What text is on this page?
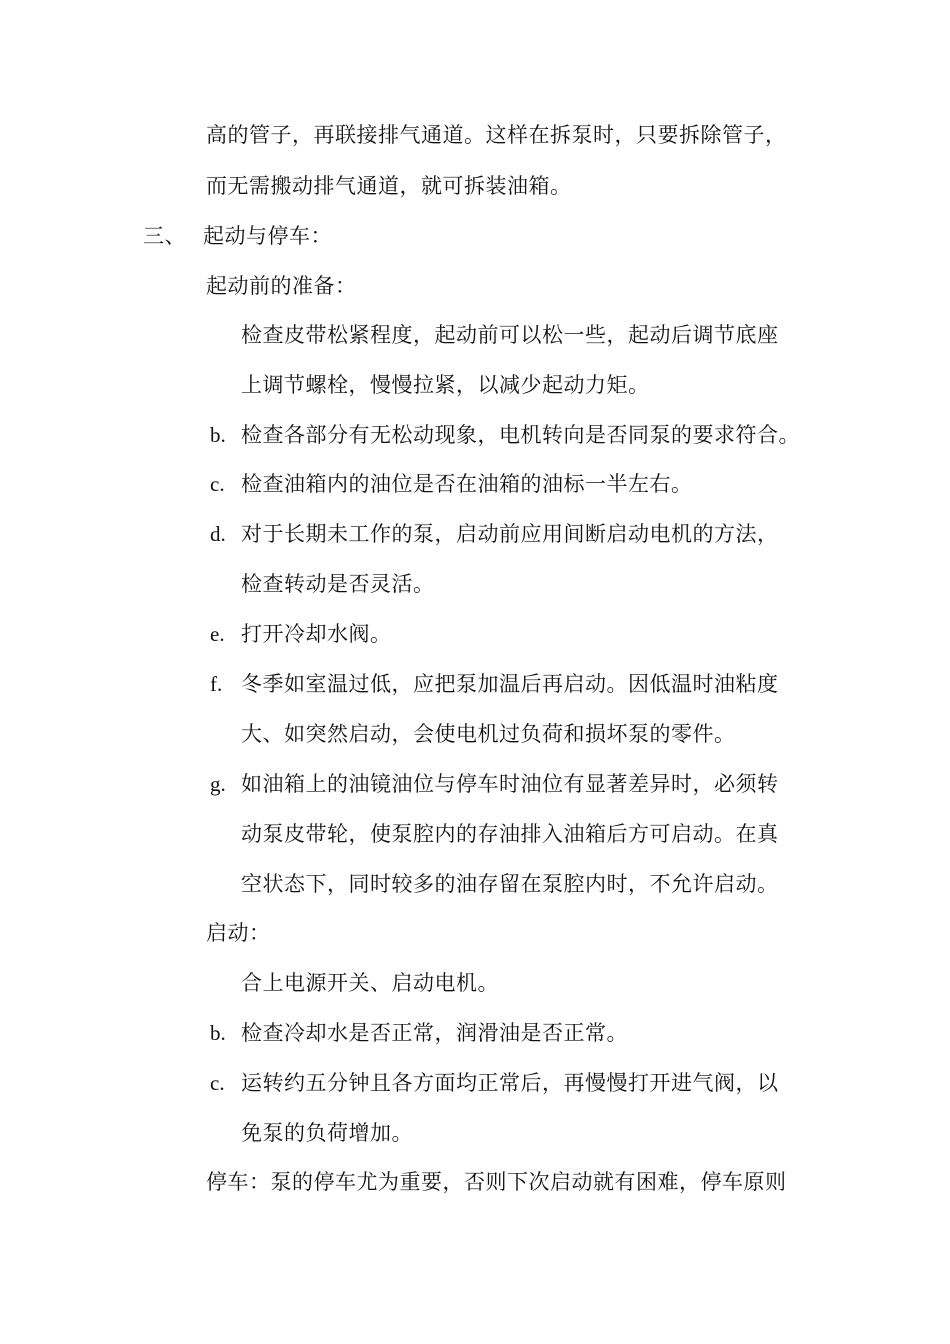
高的管子，再联接排气通道。这样在拆泵时，只要拆除管子，
而无需搬动排气通道，就可拆装油箱。
三、 起动与停车：
起动前的准备：
检查皮带松紧程度，起动前可以松一些，起动后调节底座
上调节螺栓，慢慢拉紧，以减少起动力矩。
b. 检查各部分有无松动现象，电机转向是否同泵的要求符合。
c. 检查油箱内的油位是否在油箱的油标一半左右。
d. 对于长期未工作的泵，启动前应用间断启动电机的方法，
检查转动是否灵活。
e. 打开冷却水阀。
f. 冬季如室温过低，应把泵加温后再启动。因低温时油粘度
大、如突然启动，会使电机过负荷和损坏泵的零件。
g. 如油箱上的油镜油位与停车时油位有显著差异时，必须转
动泵皮带轮，使泵腔内的存油排入油箱后方可启动。在真
空状态下，同时较多的油存留在泵腔内时，不允许启动。
启动：
合上电源开关、启动电机。
b. 检查冷却水是否正常，润滑油是否正常。
c. 运转约五分钟且各方面均正常后，再慢慢打开进气阀，以
免泵的负荷增加。
停车：泵的停车尤为重要，否则下次启动就有困难，停车原则
